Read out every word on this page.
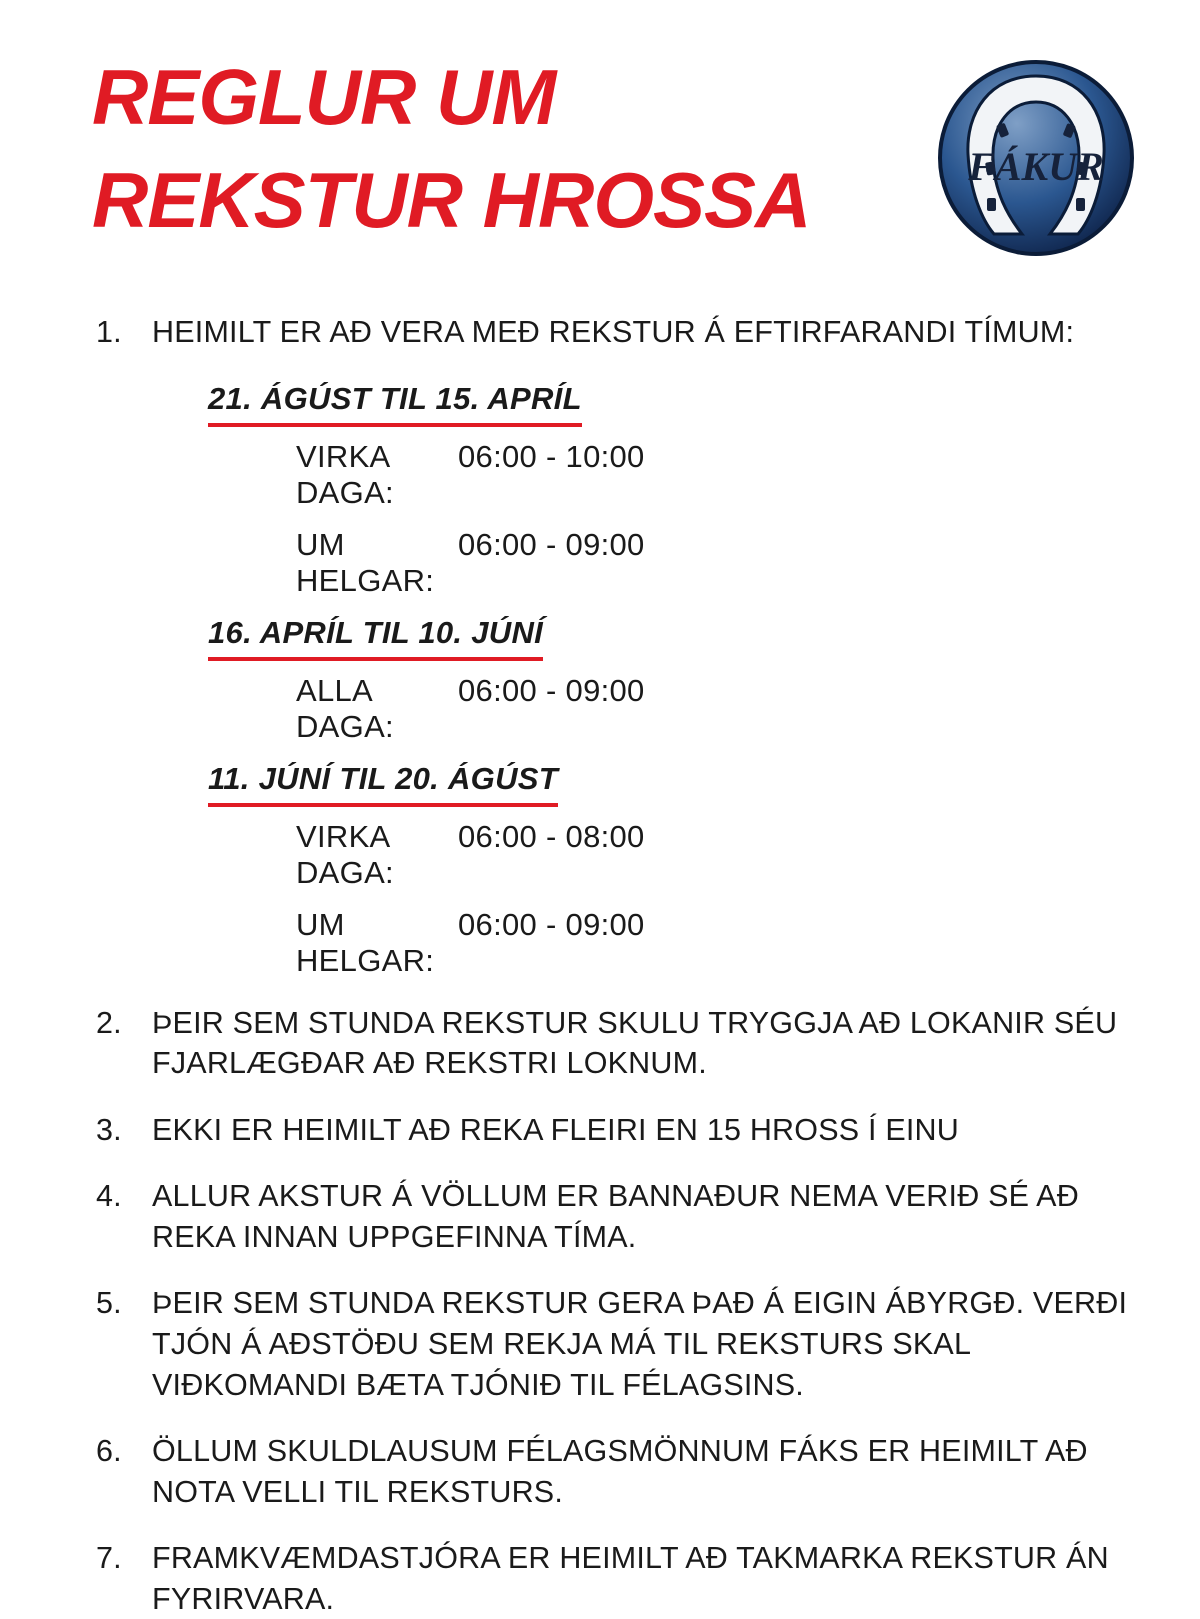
REGLUR UM
REKSTUR HROSSA	FÁKUR
1. HEIMILT ER AÐ VERA MEÐ REKSTUR Á EFTIRFARANDI TÍMUM:
21. ÁGÚST TIL 15. APRÍL
VIRKA DAGA:
06:00 - 10:00
UM HELGAR:
06:00 - 09:00
16. APRÍL TIL 10. JÚNÍ
ALLA DAGA:
06:00 - 09:00
11. JÚNÍ TIL 20. ÁGÚST
VIRKA DAGA:
06:00 - 08:00
UM HELGAR:
06:00 - 09:00
2. ÞEIR SEM STUNDA REKSTUR SKULU TRYGGJA AÐ LOKANIR SÉU FJARLÆGÐAR AÐ REKSTRI LOKNUM.
3. EKKI ER HEIMILT AÐ REKA FLEIRI EN 15 HROSS Í EINU
4. ALLUR AKSTUR Á VÖLLUM ER BANNAÐUR NEMA VERIÐ SÉ AÐ REKA INNAN UPPGEFINNA TÍMA.
5. ÞEIR SEM STUNDA REKSTUR GERA ÞAÐ Á EIGIN ÁBYRGÐ. VERÐI TJÓN Á AÐSTÖÐU SEM REKJA MÁ TIL REKSTURS SKAL VIÐKOMANDI BÆTA TJÓNIÐ TIL FÉLAGSINS.
6. ÖLLUM SKULDLAUSUM FÉLAGSMÖNNUM FÁKS ER HEIMILT AÐ NOTA VELLI TIL REKSTURS.
7. FRAMKVÆMDASTJÓRA ER HEIMILT AÐ TAKMARKA REKSTUR ÁN FYRIRVARA.
